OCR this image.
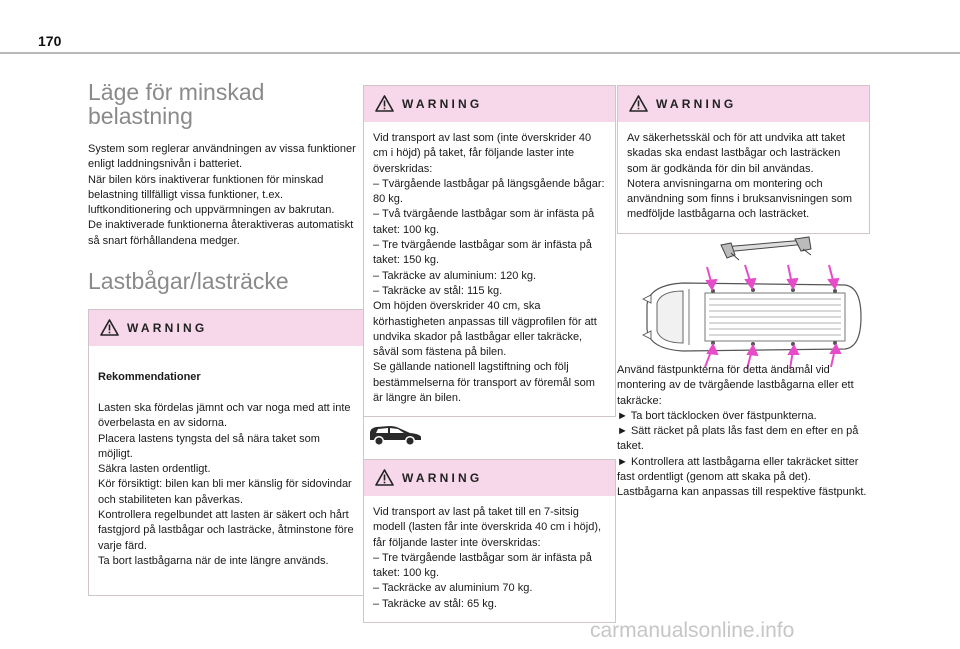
170
Läge för minskad belastning

System som reglerar användningen av vissa funktioner enligt laddningsnivån i batteriet.
När bilen körs inaktiverar funktionen för minskad belastning tillfälligt vissa funktioner, t.ex. luftkonditionering och uppvärmningen av bakrutan.
De inaktiverade funktionerna återaktiveras automatiskt så snart förhållandena medger.

Lastbågar/lasträcke
WARNING

Rekommendationer

Lasten ska fördelas jämnt och var noga med att inte överbelasta en av sidorna.
Placera lastens tyngsta del så nära taket som möjligt.
Säkra lasten ordentligt.
Kör försiktigt: bilen kan bli mer känslig för sidovindar och stabiliteten kan påverkas.
Kontrollera regelbundet att lasten är säkert och hårt fastgjord på lastbågar och lasträcke, åtminstone före varje färd.
Ta bort lastbågarna när de inte längre används.

WARNING
Vid transport av last som (inte överskrider 40 cm i höjd) på taket, får följande laster inte överskridas:
– Tvärgående lastbågar på längsgående bågar: 80 kg.
– Två tvärgående lastbågar som är infästa på taket: 100 kg.
– Tre tvärgående lastbågar som är infästa på taket: 150 kg.
– Takräcke av aluminium: 120 kg.
– Takräcke av stål: 115 kg.
Om höjden överskrider 40 cm, ska körhastigheten anpassas till vägprofilen för att undvika skador på lastbågar eller takräcke, såväl som fästena på bilen.
Se gällande nationell lagstiftning och följ bestämmelserna för transport av föremål som är längre än bilen.
WARNING
Vid transport av last på taket till en 7-sitsig modell (lasten får inte överskrida 40 cm i höjd), får följande laster inte överskridas:
– Tre tvärgående lastbågar som är infästa på taket: 100 kg.
– Tackräcke av aluminium 70 kg.
– Takräcke av stål: 65 kg.
WARNING
Av säkerhetsskäl och för att undvika att taket skadas ska endast lastbågar och lasträcken som är godkända för din bil användas.
Notera anvisningarna om montering och användning som finns i bruksanvisningen som medföljde lastbågarna och lasträcket.

Använd fästpunkterna för detta ändamål vid montering av de tvärgående lastbågarna eller ett takräcke:
► Ta bort täcklocken över fästpunkterna.
► Sätt räcket på plats lås fast dem en efter en på taket.
► Kontrollera att lastbågarna eller takräcket sitter fast ordentligt (genom att skaka på det).
Lastbågarna kan anpassas till respektive fästpunkt.

carmanualsonline.info
